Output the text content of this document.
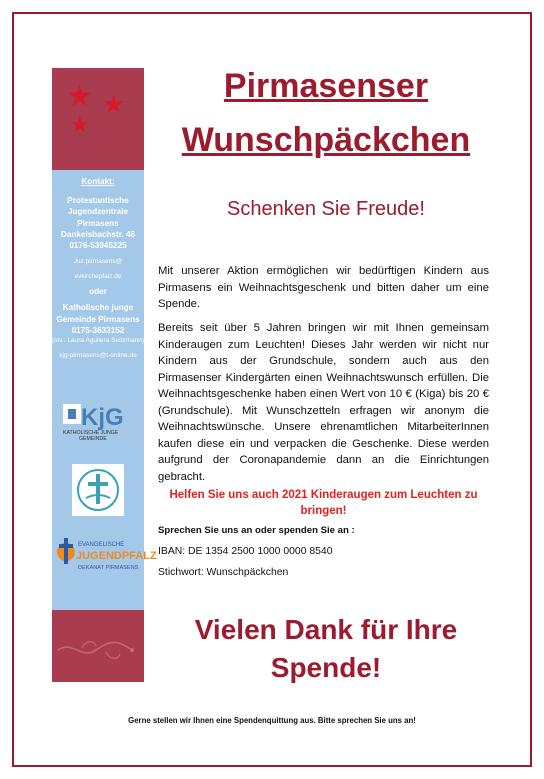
★ ★
★
Kontakt:
Protestantische
Jugendzentrale
Pirmasens
Dankelsbachstr. 46
0176-53945225
Juz.pirmasens@
evkirchepfalz.de
oder
Katholische junge
Gemeinde Pirmasens
0175-3633152
(stv.: Laura Aguilera Seitzmann)
kjg-pirmasens@t-online.de
KjG
KATHOLISCHE JUNGE
GEMEINDE
EVANGELISCHE
JUGENDPFALZ
DEKANAT PIRMASENS
Pirmasenser
Wunschpäckchen
Schenken Sie Freude!

Mit unserer Aktion ermöglichen wir bedürftigen Kindern aus Pirmasens ein Weihnachtsgeschenk und bitten daher um eine Spende.

Bereits seit über 5 Jahren bringen wir mit Ihnen gemeinsam Kinderaugen zum Leuchten! Dieses Jahr werden wir nicht nur Kindern aus der Grundschule, sondern auch aus den Pirmasenser Kindergärten einen Weihnachtswunsch erfüllen. Die Weihnachtsgeschenke haben einen Wert von 10 € (Kiga) bis 20 € (Grundschule). Mit Wunschzetteln erfragen wir anonym die Weihnachtswünsche. Unsere ehrenamtlichen MitarbeiterInnen kaufen diese ein und verpacken die Geschenke. Diese werden aufgrund der Coronapandemie dann an die Einrichtungen gebracht.

Helfen Sie uns auch 2021 Kinderaugen zum Leuchten zu bringen!
Sprechen Sie uns an oder spenden Sie an :
IBAN: DE 1354 2500 1000 0000 8540
Stichwort: Wunschpäckchen
Vielen Dank für Ihre
Spende!
Gerne stellen wir Ihnen eine Spendenquittung aus. Bitte sprechen Sie uns an!
